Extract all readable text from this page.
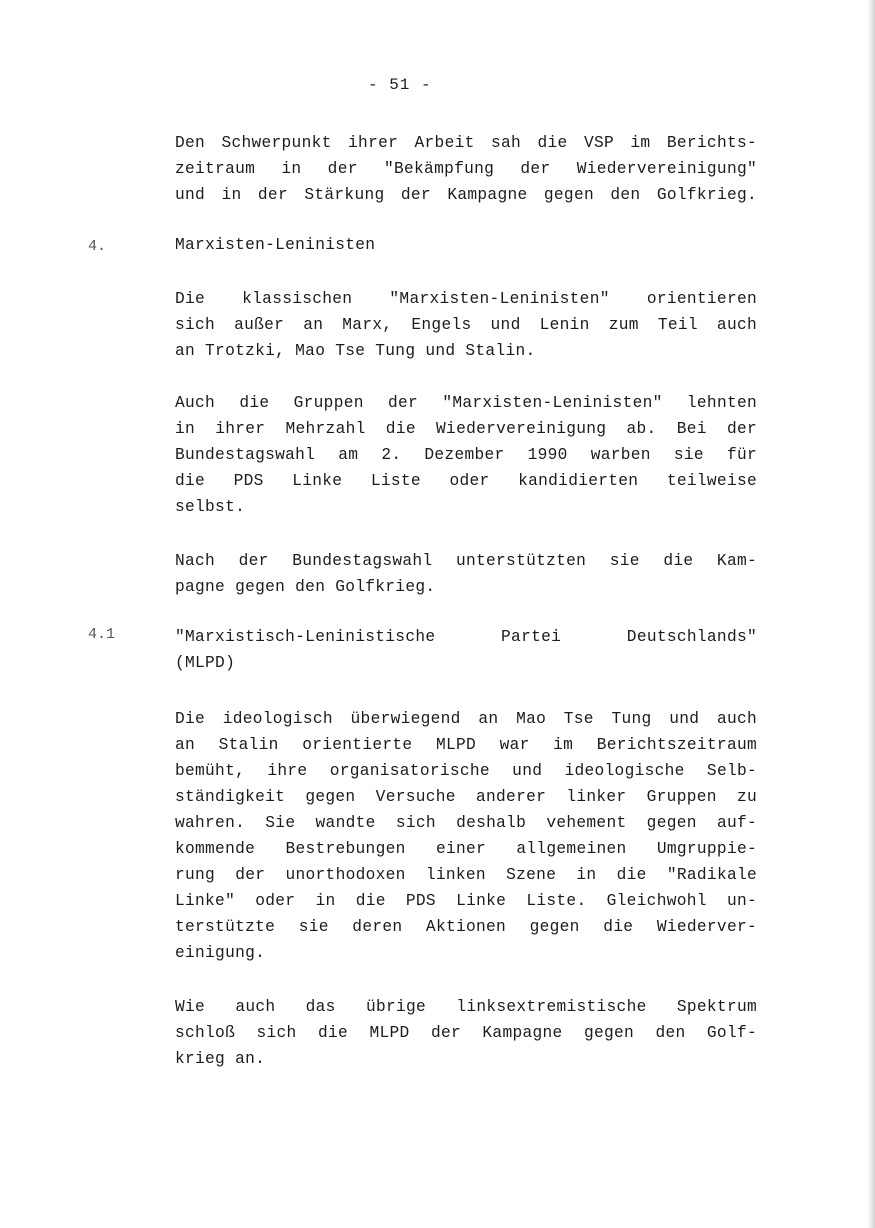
- 51 -
Den Schwerpunkt ihrer Arbeit sah die VSP im Berichts-
zeitraum in der "Bekämpfung der Wiedervereinigung"
und in der Stärkung der Kampagne gegen den Golfkrieg.
4.	Marxisten-Leninisten
Die klassischen "Marxisten-Leninisten" orientieren
sich außer an Marx, Engels und Lenin zum Teil auch
an Trotzki, Mao Tse Tung und Stalin.
Auch die Gruppen der "Marxisten-Leninisten" lehnten
in ihrer Mehrzahl die Wiedervereinigung ab. Bei der
Bundestagswahl am 2. Dezember 1990 warben sie für
die PDS Linke Liste oder kandidierten teilweise
selbst.
Nach der Bundestagswahl unterstützten sie die Kam-
pagne gegen den Golfkrieg.
4.1	"Marxistisch-Leninistische Partei Deutschlands"
(MLPD)
Die ideologisch überwiegend an Mao Tse Tung und auch
an Stalin orientierte MLPD war im Berichtszeitraum
bemüht, ihre organisatorische und ideologische Selb-
ständigkeit gegen Versuche anderer linker Gruppen zu
wahren. Sie wandte sich deshalb vehement gegen auf-
kommende Bestrebungen einer allgemeinen Umgruppie-
rung der unorthodoxen linken Szene in die "Radikale
Linke" oder in die PDS Linke Liste. Gleichwohl un-
terstützte sie deren Aktionen gegen die Wiederver-
einigung.
Wie auch das übrige linksextremistische Spektrum
schloß sich die MLPD der Kampagne gegen den Golf-
krieg an.
